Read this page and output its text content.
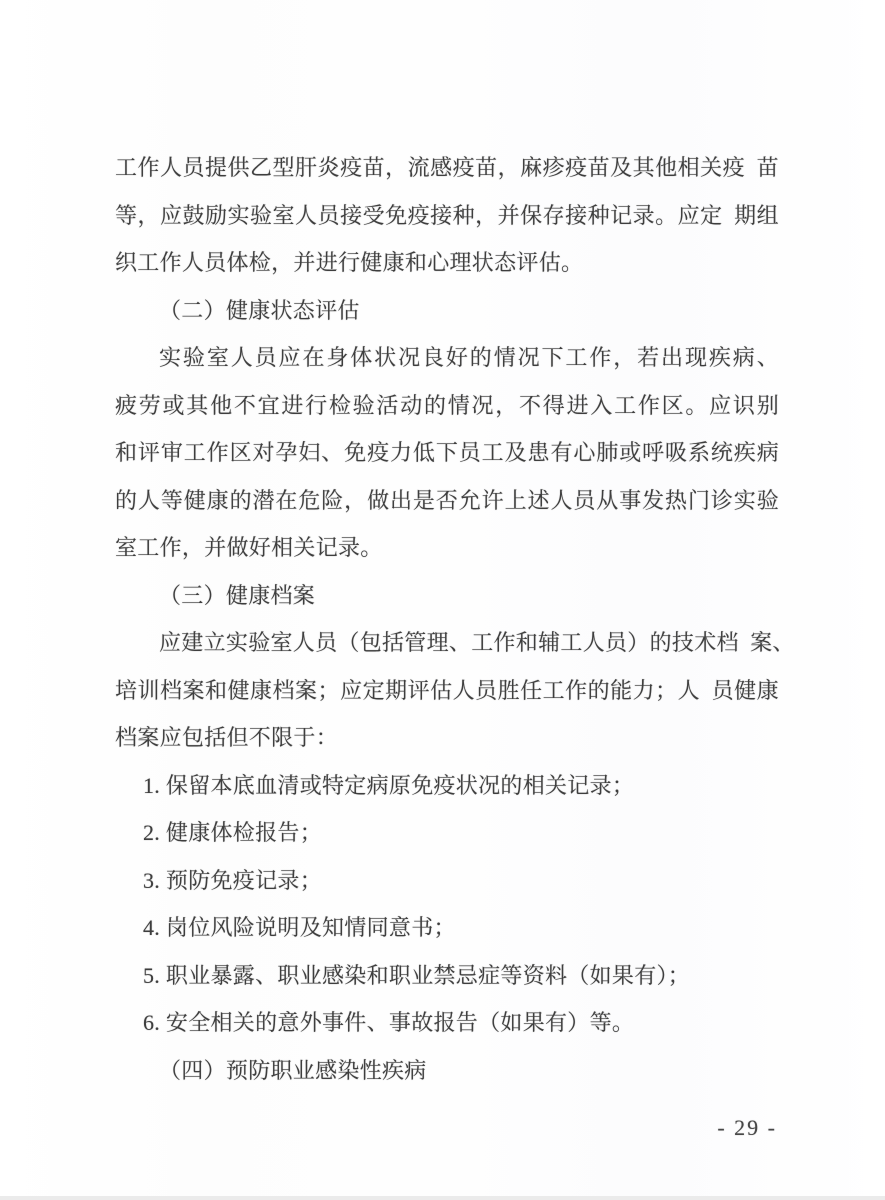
工作人员提供乙型肝炎疫苗，流感疫苗，麻疹疫苗及其他相关疫 苗
等，应鼓励实验室人员接受免疫接种，并保存接种记录。应定 期组
织工作人员体检，并进行健康和心理状态评估。
（二）健康状态评估
实验室人员应在身体状况良好的情况下工作，若出现疾病、
疲劳或其他不宜进行检验活动的情况，不得进入工作区。应识别
和评审工作区对孕妇、免疫力低下员工及患有心肺或呼吸系统疾病
的人等健康的潜在危险，做出是否允许上述人员从事发热门诊实验
室工作，并做好相关记录。
（三）健康档案
应建立实验室人员（包括管理、工作和辅工人员）的技术档 案、
培训档案和健康档案；应定期评估人员胜任工作的能力；人 员健康
档案应包括但不限于：
1. 保留本底血清或特定病原免疫状况的相关记录；
2. 健康体检报告；
3. 预防免疫记录；
4. 岗位风险说明及知情同意书；
5. 职业暴露、职业感染和职业禁忌症等资料（如果有）；
6. 安全相关的意外事件、事故报告（如果有）等。
（四）预防职业感染性疾病
- 29 -
